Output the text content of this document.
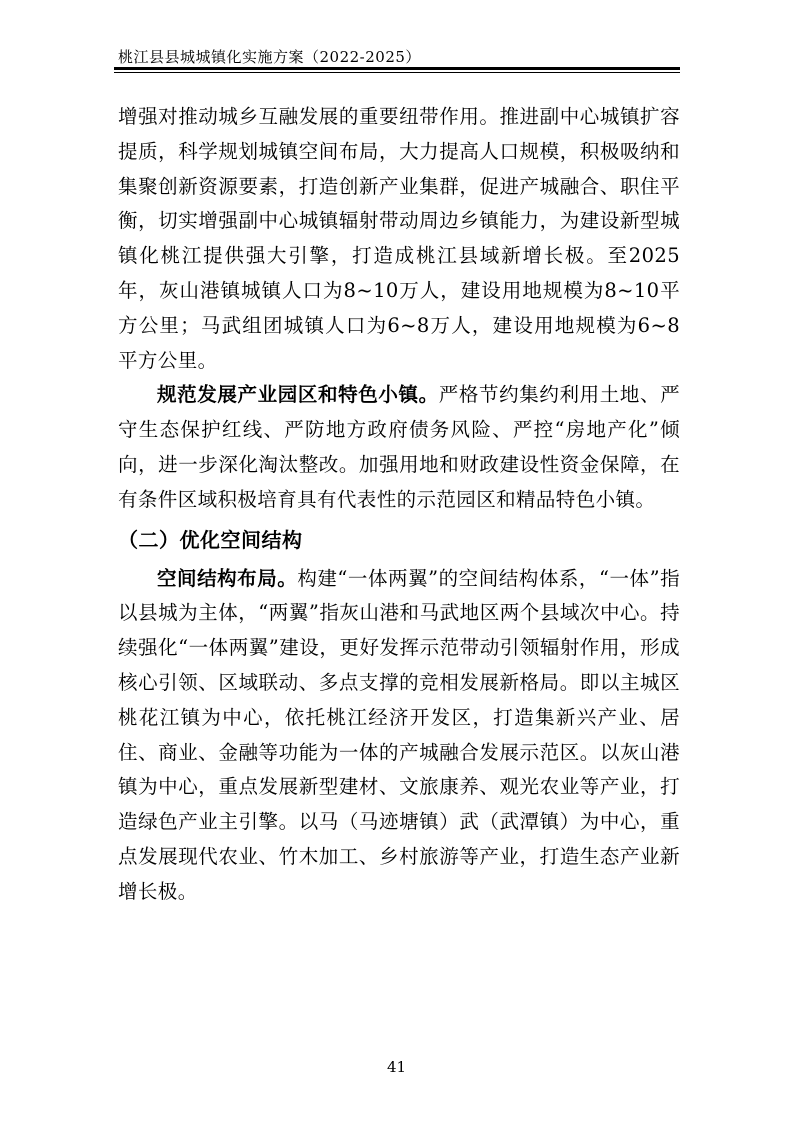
桃江县县城城镇化实施方案（2022-2025）

增强对推动城乡互融发展的重要纽带作用。推进副中心城镇扩容提质，科学规划城镇空间布局，大力提高人口规模，积极吸纳和集聚创新资源要素，打造创新产业集群，促进产城融合、职住平衡，切实增强副中心城镇辐射带动周边乡镇能力，为建设新型城镇化桃江提供强大引擎，打造成桃江县域新增长极。至2025年，灰山港镇城镇人口为8~10万人，建设用地规模为8~10平方公里；马武组团城镇人口为6~8万人，建设用地规模为6~8平方公里。

规范发展产业园区和特色小镇。严格节约集约利用土地、严守生态保护红线、严防地方政府债务风险、严控“房地产化”倾向，进一步深化淘汰整改。加强用地和财政建设性资金保障，在有条件区域积极培育具有代表性的示范园区和精品特色小镇。

（二）优化空间结构

空间结构布局。构建“一体两翼”的空间结构体系，“一体”指以县城为主体，“两翼”指灰山港和马武地区两个县域次中心。持续强化“一体两翼”建设，更好发挥示范带动引领辐射作用，形成核心引领、区域联动、多点支撑的竞相发展新格局。即以主城区桃花江镇为中心，依托桃江经济开发区，打造集新兴产业、居住、商业、金融等功能为一体的产城融合发展示范区。以灰山港镇为中心，重点发展新型建材、文旅康养、观光农业等产业，打造绿色产业主引擎。以马（马迹塘镇）武（武潭镇）为中心，重点发展现代农业、竹木加工、乡村旅游等产业，打造生态产业新增长极。

41
